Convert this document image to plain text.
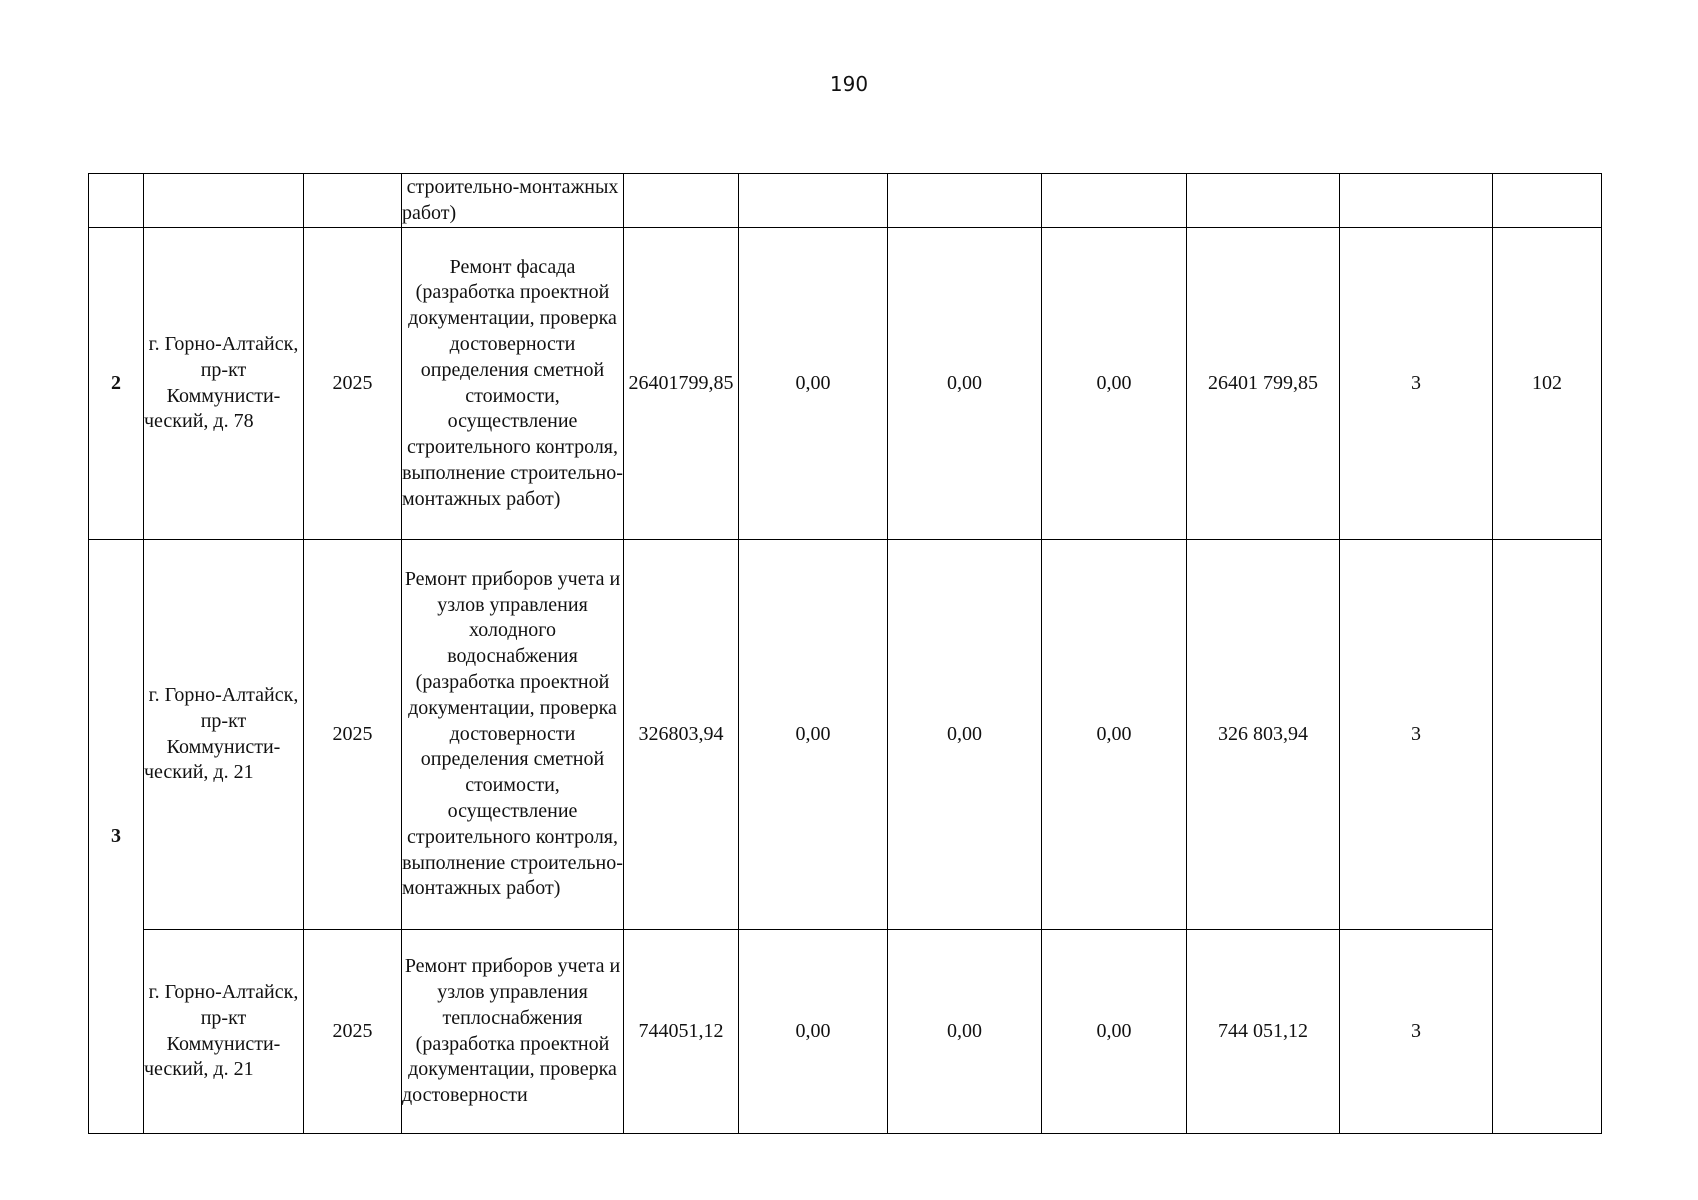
190
			строительно-монтажных работ)							
2	г. Горно-Алтайск, пр-кт Коммунисти-ческий, д. 78	2025	Ремонт фасада (разработка проектной документации, проверка достоверности определения сметной стоимости, осуществление строительного контроля, выполнение строительно-монтажных работ)	26401799,85	0,00	0,00	0,00	26401 799,85	3	102
3	г. Горно-Алтайск, пр-кт Коммунисти-ческий, д. 21	2025	Ремонт приборов учета и узлов управления холодного водоснабжения (разработка проектной документации, проверка достоверности определения сметной стоимости, осуществление строительного контроля, выполнение строительно-монтажных работ)	326803,94	0,00	0,00	0,00	326 803,94	3	
	г. Горно-Алтайск, пр-кт Коммунисти-ческий, д. 21	2025	Ремонт приборов учета и узлов управления теплоснабжения (разработка проектной документации, проверка достоверности	744051,12	0,00	0,00	0,00	744 051,12	3	
